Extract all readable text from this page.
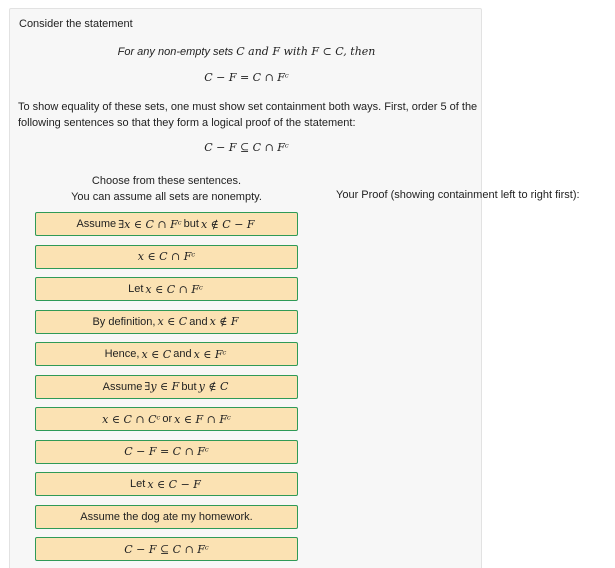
Consider the statement
For any non-empty sets C and F with F ⊂ C, then
C − F = C ∩ Fᶜ
To show equality of these sets, one must show set containment both ways. First, order 5 of the following sentences so that they form a logical proof of the statement:
C − F ⊆ C ∩ Fᶜ
Choose from these sentences.
You can assume all sets are nonempty.
Assume ∃x ∈ C ∩ Fᶜ but x ∉ C − F
x ∈ C ∩ Fᶜ
Let x ∈ C ∩ Fᶜ
By definition, x ∈ C and x ∉ F
Hence, x ∈ C and x ∈ Fᶜ
Assume ∃y ∈ F but y ∉ C
x ∈ C ∩ Cᶜ or x ∈ F ∩ Fᶜ
C − F = C ∩ Fᶜ
Let x ∈ C − F
Assume the dog ate my homework.
C − F ⊆ C ∩ Fᶜ
Your Proof (showing containment left to right first):
